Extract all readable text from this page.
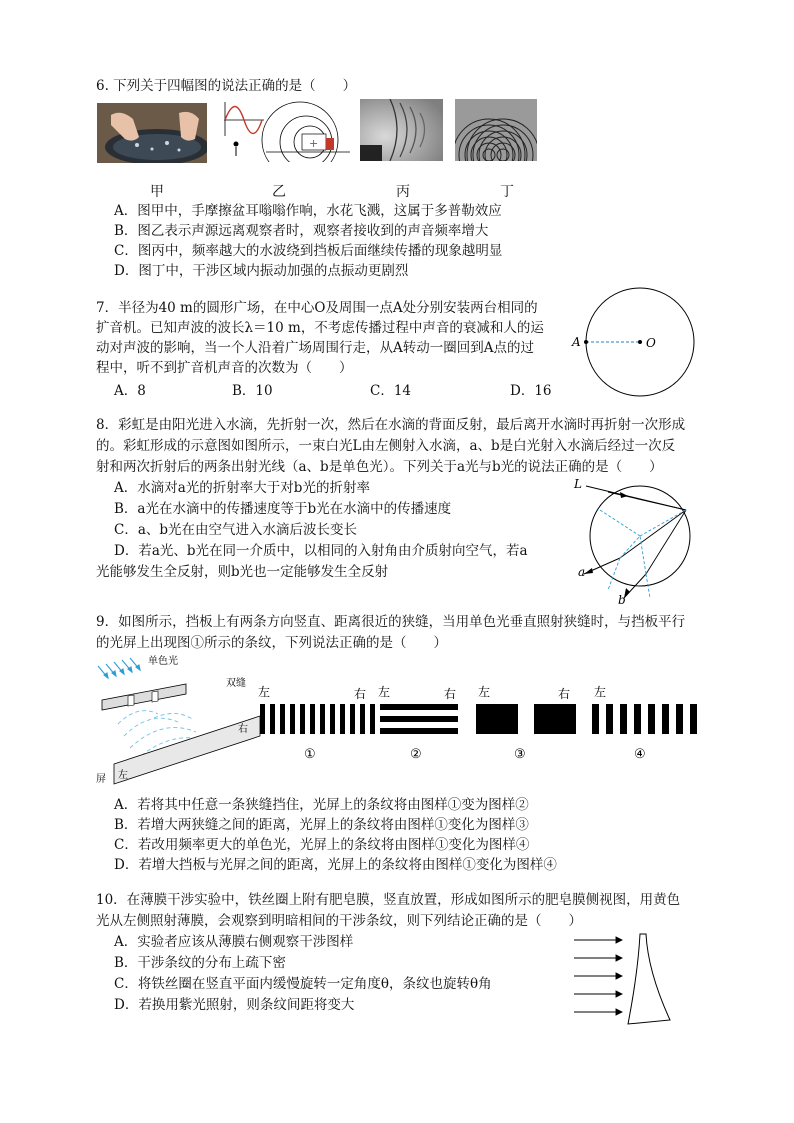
6. 下列关于四幅图的说法正确的是（　　）
+
甲	乙	丙	丁
A．图甲中，手摩擦盆耳嗡嗡作响，水花飞溅，这属于多普勒效应
B．图乙表示声源远离观察者时，观察者接收到的声音频率增大
C．图丙中，频率越大的水波绕到挡板后面继续传播的现象越明显
D．图丁中，干涉区域内振动加强的点振动更剧烈
7．半径为40 m的圆形广场，在中心O及周围一点A处分别安装两台相同的
扩音机。已知声波的波长λ＝10 m，不考虑传播过程中声音的衰减和人的运
动对声波的影响，当一个人沿着广场周围行走，从A转动一圈回到A点的过
程中，听不到扩音机声音的次数为（　　）
A．8	B．10	C．14	D．16
A	O
8．彩虹是由阳光进入水滴，先折射一次，然后在水滴的背面反射，最后离开水滴时再折射一次形成
的。彩虹形成的示意图如图所示，一束白光L由左侧射入水滴，a、b是白光射入水滴后经过一次反
射和两次折射后的两条出射光线（a、b是单色光）。下列关于a光与b光的说法正确的是（　　）
A．水滴对a光的折射率大于对b光的折射率
B．a光在水滴中的传播速度等于b光在水滴中的传播速度
C．a、b光在由空气进入水滴后波长变长
D．若a光、b光在同一介质中，以相同的入射角由介质射向空气，若a
光能够发生全反射，则b光也一定能够发生全反射
L
a
b
9．如图所示，挡板上有两条方向竖直、距离很近的狭缝，当用单色光垂直照射狭缝时，与挡板平行
的光屏上出现图①所示的条纹，下列说法正确的是（　　）
单色光
双缝
右
左
屏
左	右
①
左	右
②
左	右
③
左
④
A．若将其中任意一条狭缝挡住，光屏上的条纹将由图样①变为图样②
B．若增大两狭缝之间的距离，光屏上的条纹将由图样①变化为图样③
C．若改用频率更大的单色光，光屏上的条纹将由图样①变化为图样④
D．若增大挡板与光屏之间的距离，光屏上的条纹将由图样①变化为图样④
10．在薄膜干涉实验中，铁丝圈上附有肥皂膜，竖直放置，形成如图所示的肥皂膜侧视图，用黄色
光从左侧照射薄膜，会观察到明暗相间的干涉条纹，则下列结论正确的是（　　）
A．实验者应该从薄膜右侧观察干涉图样
B．干涉条纹的分布上疏下密
C．将铁丝圈在竖直平面内缓慢旋转一定角度θ，条纹也旋转θ角
D．若换用紫光照射，则条纹间距将变大
